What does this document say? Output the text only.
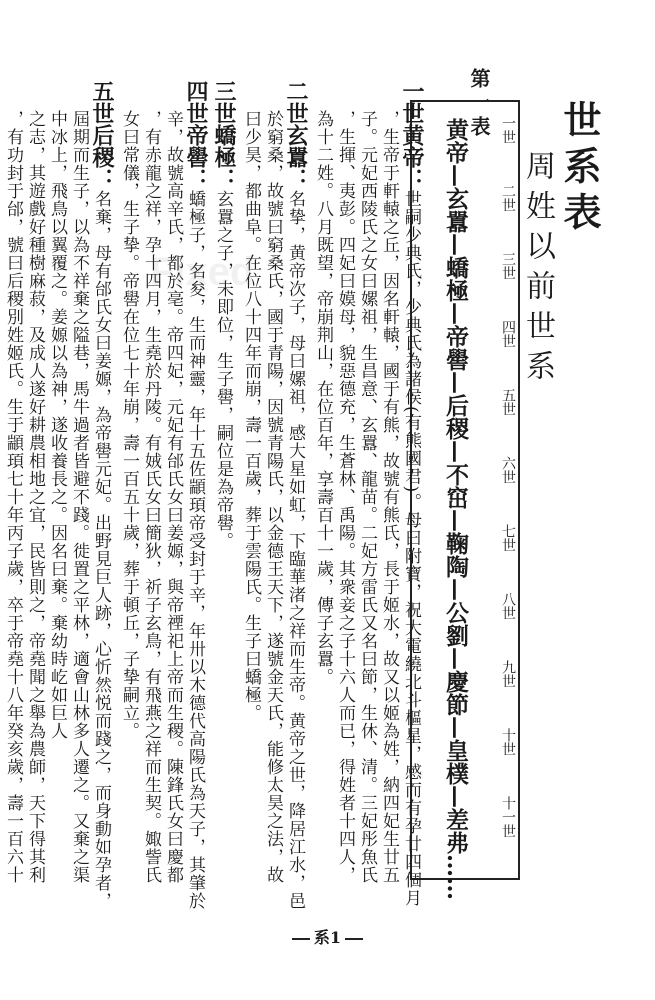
世系表
周姓以前世系
第一表
黄帝—玄囂—蟜極—帝嚳—后稷—不窋—鞠陶—公劉—慶節—皇樸—差弗…… 一世
二世
三世
四世
五世
六世
七世
八世
九世
十世
十一世
一世黄帝：
世嗣少典氏，少典氏為諸侯(有熊國君)。母曰附寶，祝大電繞北斗樞星，感而有孕廿四個月
，生帝于軒轅之丘，因名軒轅，國于有熊，故號有熊氏，長于姬水，故又以姬為姓，納四妃生廿五
子。元妃西陵氏之女曰嫘祖，生昌意、玄囂、龍苗。二妃方雷氏又名曰節，生休、清。三妃彤魚氏
，生揮、夷彭。四妃曰嫫母，貌惡德充，生蒼林、禹陽。其衆妾之子十六人而已，得姓者十四人，
為十二姓。八月既望，帝崩荆山，在位百年，享壽百十一歲，傳子玄囂。
二世玄囂：
名挚，黄帝次子，母曰嫘祖，感大星如虹，下臨華渚之祥而生帝。黄帝之世，降居江水，邑
於窮桑，故號曰窮桑氏，國于青陽，因號青陽氏，以金德王天下，遂號金天氏，能修太昊之法，故
曰少昊，都曲阜。在位八十四年而崩，壽一百歲，葬于雲陽氏。生子曰蟜極。
三世蟜極：
玄囂之子，未即位，生子嚳，嗣位是為帝嚳。
四世帝嚳：
蟜極子，名夋，生而神靈，年十五佐顓頊帝受封于辛，年卅以木德代高陽氏為天子，其肇於
辛，故號高辛氏，都於亳。帝四妃，元妃有邰氏女曰姜嫄，與帝禋祀上帝而生稷。陳鋒氏女曰慶都
，有赤龍之祥，孕十四月，生堯於丹陵。有娀氏女曰簡狄，祈子玄鳥，有飛燕之祥而生契。娵訾氏
女曰常儀，生子挚。帝嚳在位七十年崩，壽一百五十歲，葬于頓丘，子挚嗣立。
五世后稷：
名棄，母有邰氏女曰姜嫄，為帝嚳元妃。出野見巨人跡，心忻然悦而踐之，而身動如孕者，
屆期而生子，以為不祥棄之隘巷，馬牛過者皆避不踐。徙置之平林，適會山林多人遷之。又棄之渠
中冰上，飛鳥以翼覆之。姜嫄以為神，遂收養長之。因名曰棄。棄幼時屹如巨人
之志，其遊戲好種樹麻菽，及成人遂好耕農相地之宜，民皆則之，帝堯聞之舉為農師，天下得其利
，有功封于邰，號曰后稷別姓姬氏。生于顓頊七十年丙子歲，卒于帝堯十八年癸亥歲，壽一百六十
系1
Fixed
